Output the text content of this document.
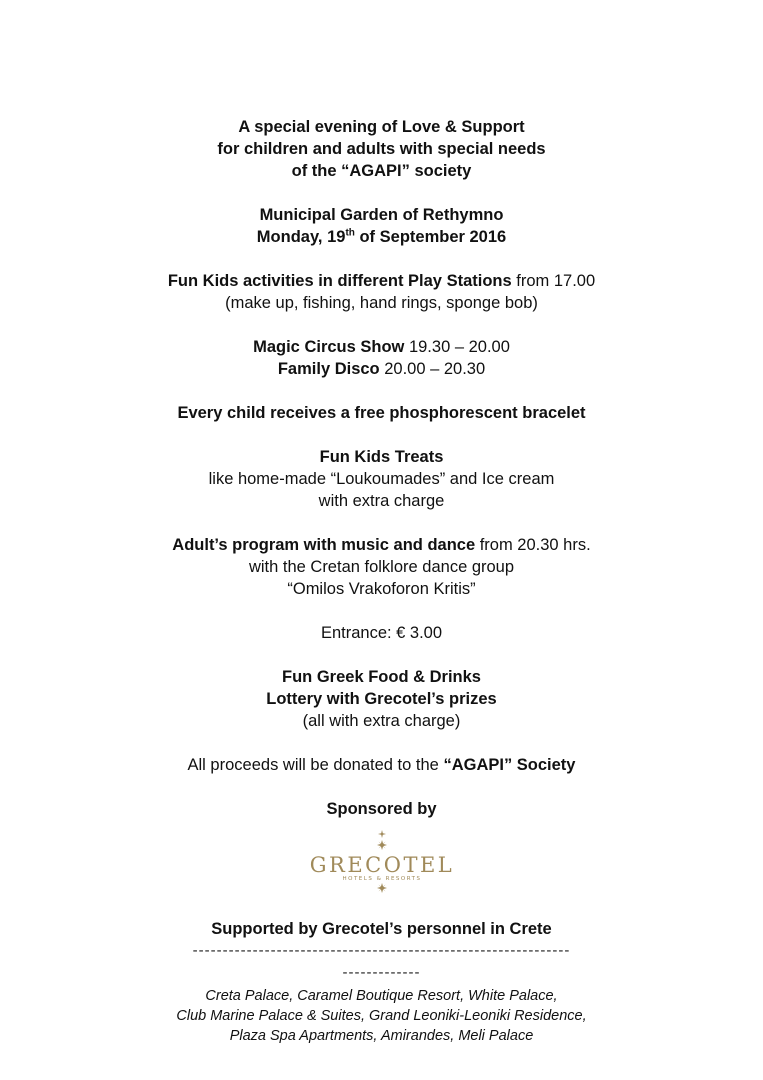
A special evening of Love & Support
for children and adults with special needs
of the “AGAPI” society
Municipal Garden of Rethymno
Monday, 19th of September 2016
Fun Kids activities in different Play Stations from 17.00
(make up, fishing, hand rings, sponge bob)
Magic Circus Show 19.30 – 20.00
Family Disco 20.00 – 20.30
Every child receives a free phosphorescent bracelet
Fun Kids Treats
like home-made “Loukoumades” and Ice cream
with extra charge
Adult’s program with music and dance from 20.30 hrs.
with the Cretan folklore dance group
“Omilos Vrakoforon Kritis”
Entrance: € 3.00
Fun Greek Food & Drinks
Lottery with Grecotel’s prizes
(all with extra charge)
All proceeds will be donated to the “AGAPI” Society
Sponsored by
GRECOTEL
HOTELS & RESORTS
Supported by Grecotel’s personnel in Crete
---------------------------------------------------------------
-------------
Creta Palace, Caramel Boutique Resort, White Palace,
Club Marine Palace & Suites, Grand Leoniki-Leoniki Residence,
Plaza Spa Apartments, Amirandes, Meli Palace
